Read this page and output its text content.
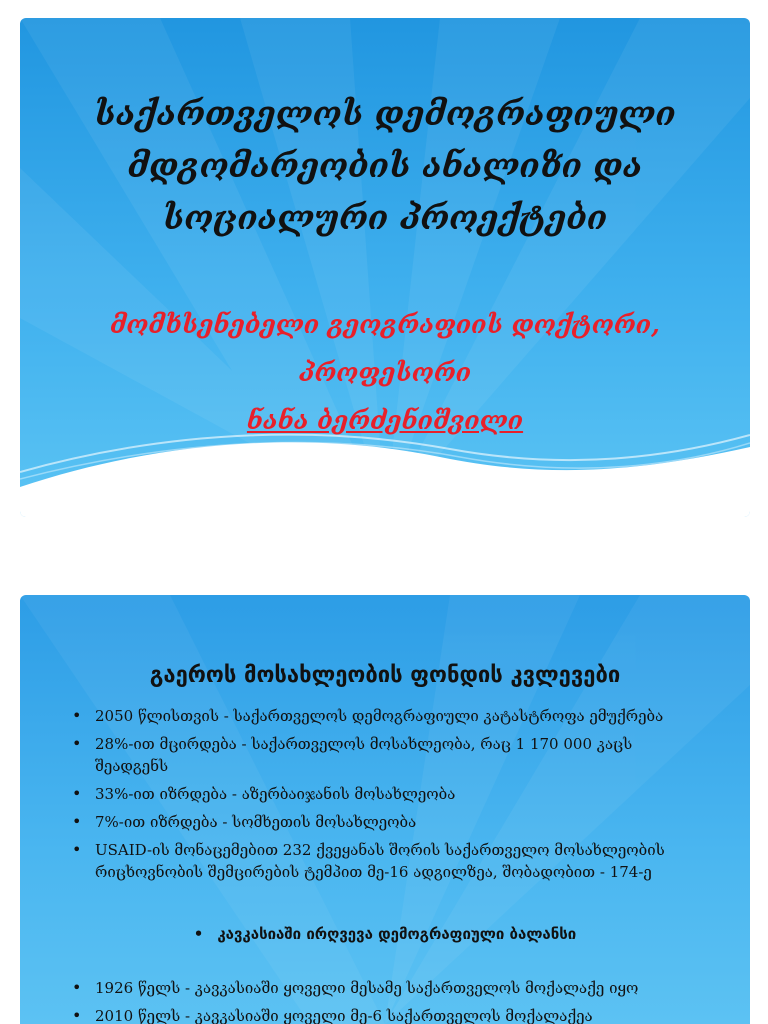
საქართველოს დემოგრაფიული
მდგომარეობის ანალიზი და
სოციალური პროექტები
მომხსენებელი გეოგრაფიის დოქტორი,
პროფესორი
ნანა ბერძენიშვილი
გაეროს მოსახლეობის ფონდის კვლევები
• 2050 წლისთვის - საქართველოს დემოგრაფიული კატასტროფა ემუქრება
• 28%-ით მცირდება - საქართველოს მოსახლეობა, რაც 1 170 000 კაცს შეადგენს
• 33%-ით იზრდება - აზერბაიჯანის მოსახლეობა
• 7%-ით იზრდება - სომხეთის მოსახლეობა
• USAID-ის მონაცემებით 232 ქვეყანას შორის საქართველო მოსახლეობის რიცხოვნობის შემცირების ტემპით მე-16 ადგილზეა, შობადობით - 174-ე
• კავკასიაში ირღვევა დემოგრაფიული ბალანსი
• 1926 წელს - კავკასიაში ყოველი მესამე საქართველოს მოქალაქე იყო
• 2010 წელს - კავკასიაში ყოველი მე-6 საქართველოს მოქალაქეა
